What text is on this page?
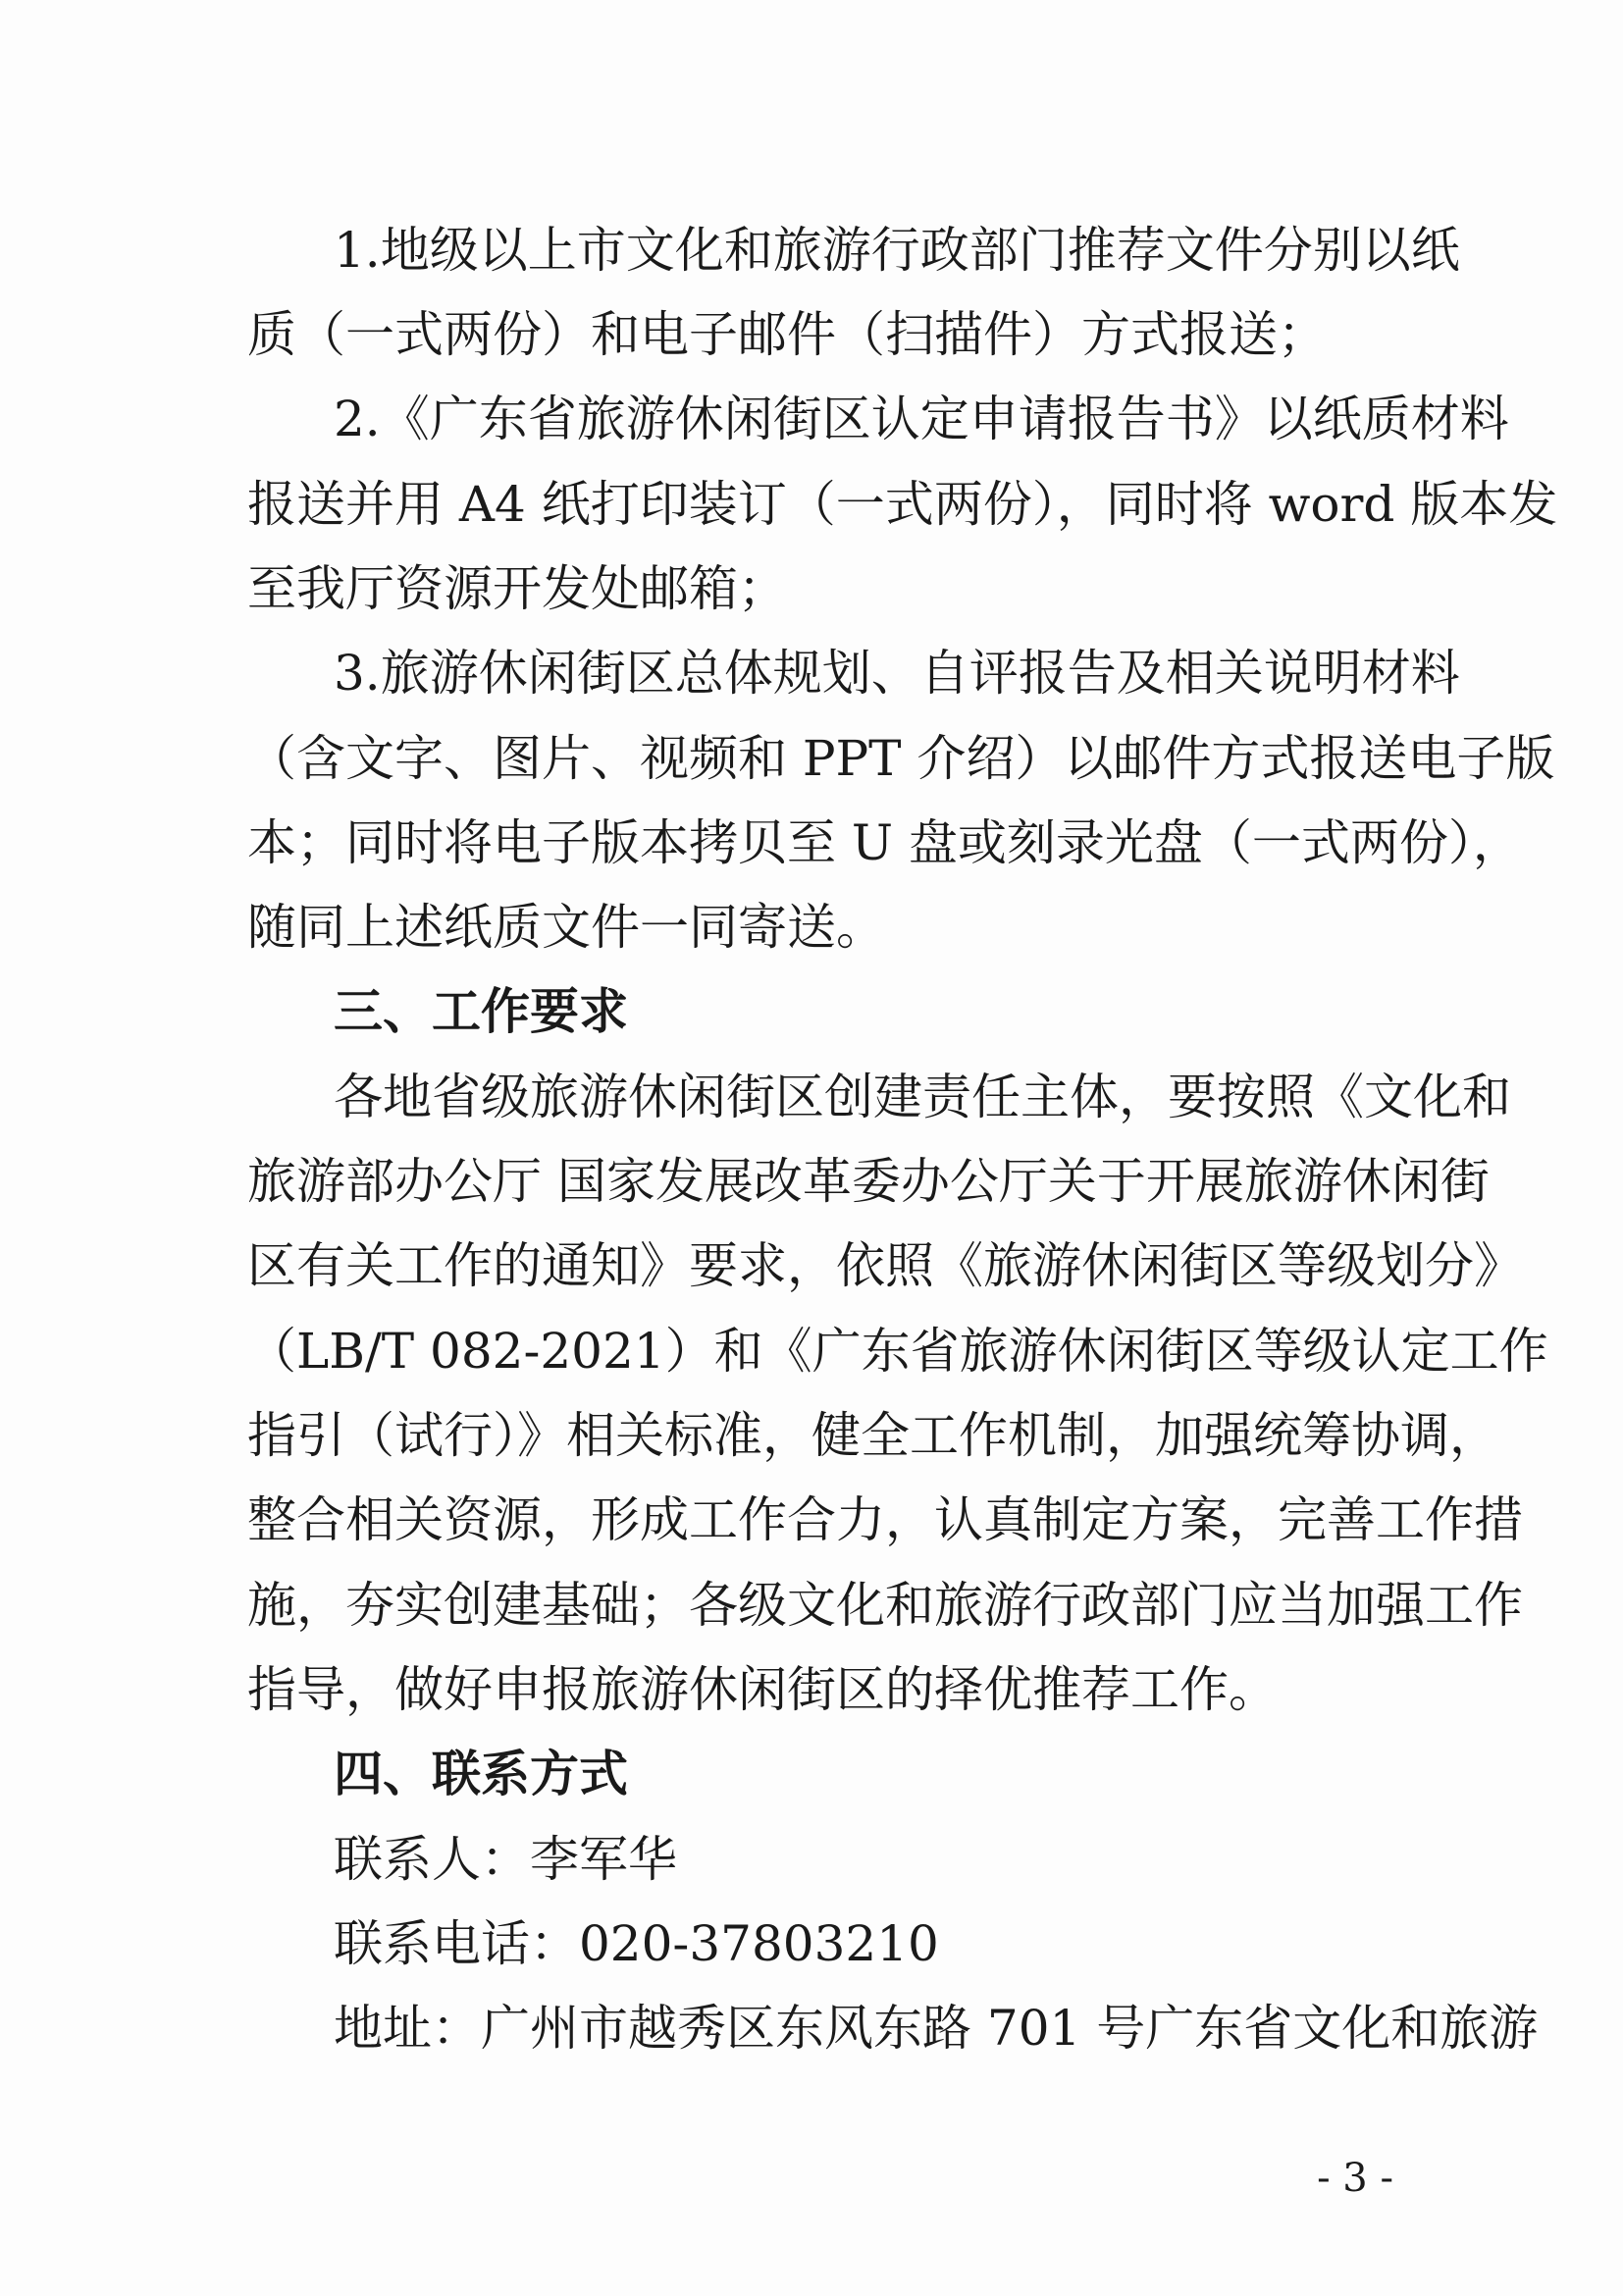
1.地级以上市文化和旅游行政部门推荐文件分别以纸
质（一式两份）和电子邮件（扫描件）方式报送；
2.《广东省旅游休闲街区认定申请报告书》以纸质材料
报送并用 A4 纸打印装订（一式两份），同时将 word 版本发
至我厅资源开发处邮箱；
3.旅游休闲街区总体规划、自评报告及相关说明材料
（含文字、图片、视频和 PPT 介绍）以邮件方式报送电子版
本；同时将电子版本拷贝至 U 盘或刻录光盘（一式两份），
随同上述纸质文件一同寄送。
三、工作要求
各地省级旅游休闲街区创建责任主体，要按照《文化和
旅游部办公厅 国家发展改革委办公厅关于开展旅游休闲街
区有关工作的通知》要求，依照《旅游休闲街区等级划分》
（LB/T 082-2021）和《广东省旅游休闲街区等级认定工作
指引（试行）》相关标准，健全工作机制，加强统筹协调，
整合相关资源，形成工作合力，认真制定方案，完善工作措
施，夯实创建基础；各级文化和旅游行政部门应当加强工作
指导，做好申报旅游休闲街区的择优推荐工作。
四、联系方式
联系人：李军华
联系电话：020-37803210
地址：广州市越秀区东风东路 701 号广东省文化和旅游
- 3 -
